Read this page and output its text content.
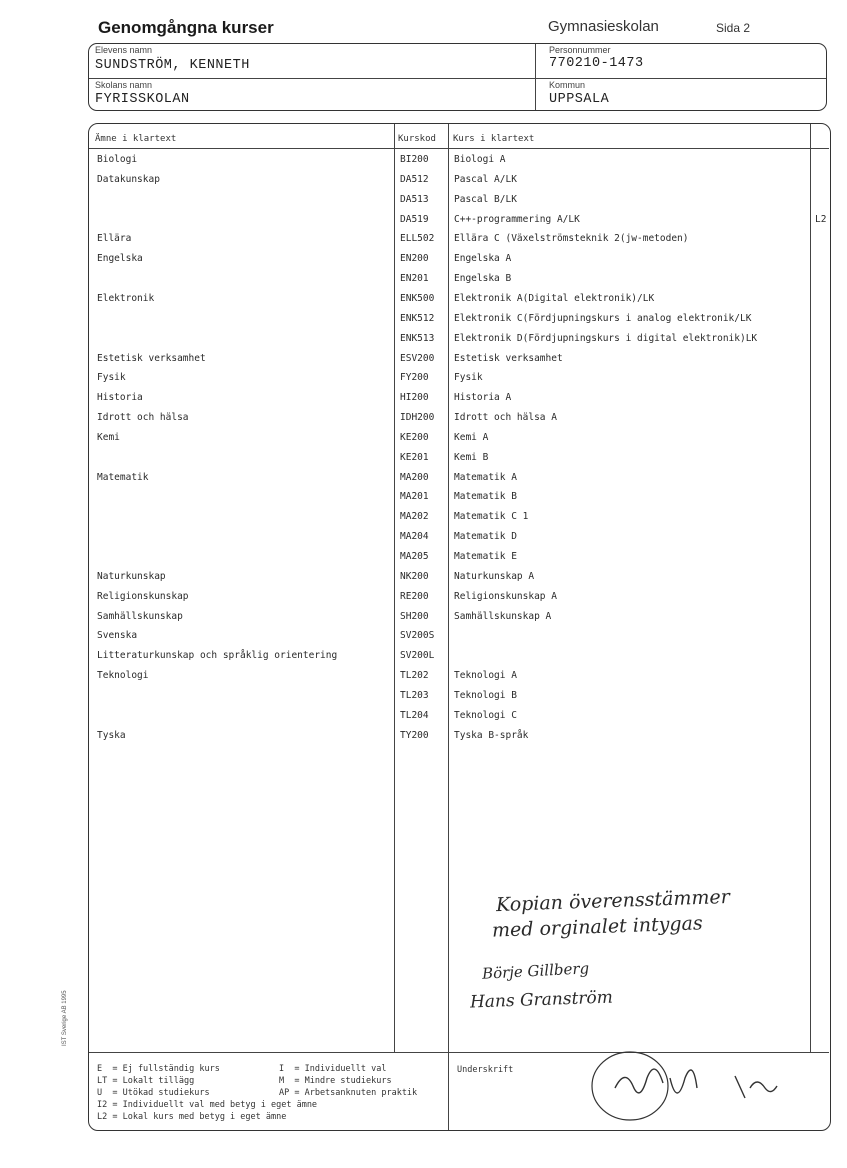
Genomgångna kurser	Gymnasieskolan	Sida 2
Elevens namn
SUNDSTRÖM, KENNETH
Personnummer
770210-1473
Skolans namn
FYRISSKOLAN
Kommun
UPPSALA
Ämne i klartext	Kurskod Kurs i klartext
Biologi	BI200	Biologi A
Datakunskap	DA512	Pascal A/LK
DA513	Pascal B/LK
DA519	C++-programmering A/LK	L2
Ellära	ELL502 Ellära C (Växelströmsteknik 2(jw-metoden)
Engelska	EN200	Engelska A
EN201	Engelska B
Elektronik	ENK500 Elektronik A(Digital elektronik)/LK
ENK512 Elektronik C(Fördjupningskurs i analog elektronik/LK
ENK513 Elektronik D(Fördjupningskurs i digital elektronik)LK
Estetisk verksamhet	ESV200 Estetisk verksamhet
Fysik	FY200	Fysik
Historia	HI200	Historia A
Idrott och hälsa	IDH200 Idrott och hälsa A
Kemi	KE200	Kemi A
KE201	Kemi B
Matematik	MA200	Matematik A
MA201	Matematik B
MA202	Matematik C 1
MA204	Matematik D
MA205	Matematik E
Naturkunskap	NK200	Naturkunskap A
Religionskunskap	RE200	Religionskunskap A
Samhällskunskap	SH200	Samhällskunskap A
Svenska	SV200S
Litteraturkunskap och språklig orientering	SV200L
Teknologi	TL202	Teknologi A
TL203	Teknologi B
TL204	Teknologi C
Tyska	TY200	Tyska B-språk
E  = Ej fullständig kurs
LT = Lokalt tillägg
U  = Utökad studiekurs
I2 = Individuellt val med betyg i eget ämne
L2 = Lokal kurs med betyg i eget ämne
I  = Individuellt val
M  = Mindre studiekurs
AP = Arbetsanknuten praktik
Underskrift
IST Sverige AB 1995
Kopian överensstämmer
med orginalet intygas
Börje Gillberg
Hans Granström
